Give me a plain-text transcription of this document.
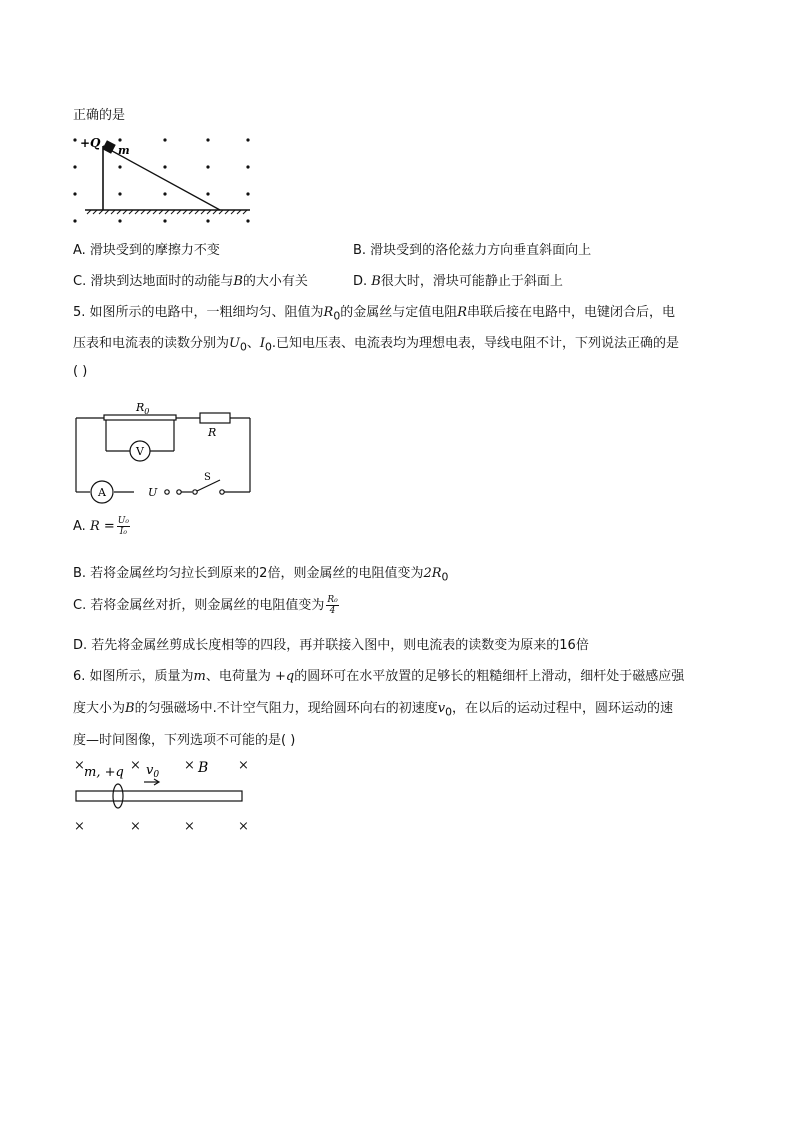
正确的是
+Q
m
A. 滑块受到的摩擦力不变	B. 滑块受到的洛伦兹力方向垂直斜面向上
C. 滑块到达地面时的动能与B的大小有关	D. B很大时，滑块可能静止于斜面上
5. 如图所示的电路中，一粗细均匀、阻值为$R_0$的金属丝与定值电阻R串联后接在电路中，电键闭合后，电
压表和电流表的读数分别为$U_0$、$I_0$.已知电压表、电流表均为理想电表，导线电阻不计，下列说法正确的是
( )
$R_0$
R
V
A	U
S
A. $R = \frac{\text{U₀}}{\text{I₀}}$
B. 若将金属丝均匀拉长到原来的2倍，则金属丝的电阻值变为$2R_0$
C. 若将金属丝对折，则金属丝的电阻值变为 $\frac{\text{R₀}}{4}$
D. 若先将金属丝剪成长度相等的四段，再并联接入图中，则电流表的读数变为原来的16倍
6. 如图所示，质量为m、电荷量为 +q的圆环可在水平放置的足够长的粗糙细杆上滑动，细杆处于磁感应强
度大小为B的匀强磁场中.不计空气阻力，现给圆环向右的初速度$v_0$，在以后的运动过程中，圆环运动的速
度—时间图像，下列选项不可能的是( )
×	×	×	×
×	×	×	×
m, +q $v_0$	B
